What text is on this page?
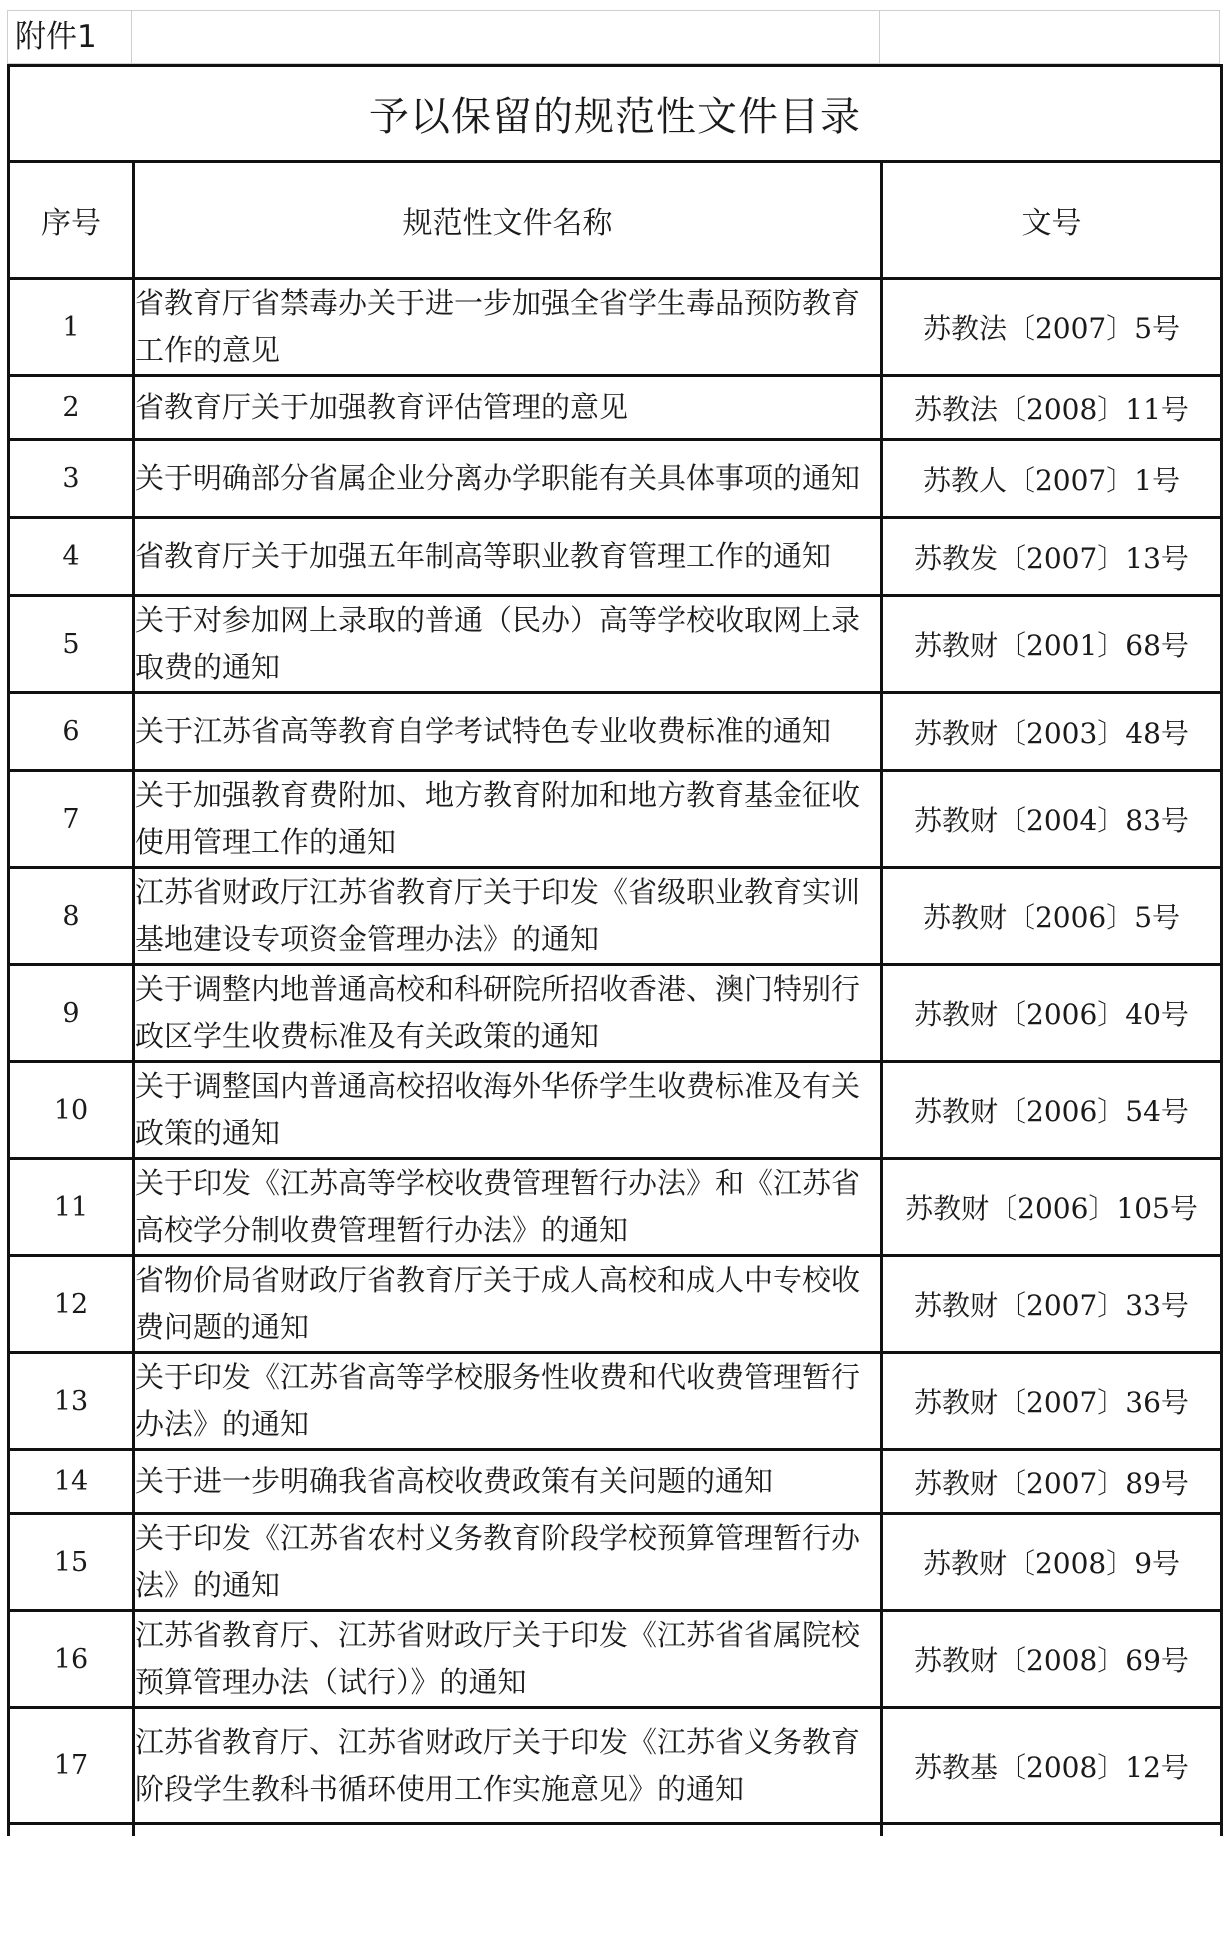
附件1
予以保留的规范性文件目录		
序号	规范性文件名称	文号
1	省教育厅省禁毒办关于进一步加强全省学生毒品预防教育工作的意见	苏教法〔2007〕5号
2	省教育厅关于加强教育评估管理的意见	苏教法〔2008〕11号
3	关于明确部分省属企业分离办学职能有关具体事项的通知	苏教人〔2007〕1号
4	省教育厅关于加强五年制高等职业教育管理工作的通知	苏教发〔2007〕13号
5	关于对参加网上录取的普通（民办）高等学校收取网上录取费的通知	苏教财〔2001〕68号
6	关于江苏省高等教育自学考试特色专业收费标准的通知	苏教财〔2003〕48号
7	关于加强教育费附加、地方教育附加和地方教育基金征收使用管理工作的通知	苏教财〔2004〕83号
8	江苏省财政厅江苏省教育厅关于印发《省级职业教育实训基地建设专项资金管理办法》的通知	苏教财〔2006〕5号
9	关于调整内地普通高校和科研院所招收香港、澳门特别行政区学生收费标准及有关政策的通知	苏教财〔2006〕40号
10	关于调整国内普通高校招收海外华侨学生收费标准及有关政策的通知	苏教财〔2006〕54号
11	关于印发《江苏高等学校收费管理暂行办法》和《江苏省高校学分制收费管理暂行办法》的通知	苏教财〔2006〕105号
12	省物价局省财政厅省教育厅关于成人高校和成人中专校收费问题的通知	苏教财〔2007〕33号
13	关于印发《江苏省高等学校服务性收费和代收费管理暂行办法》的通知	苏教财〔2007〕36号
14	关于进一步明确我省高校收费政策有关问题的通知	苏教财〔2007〕89号
15	关于印发《江苏省农村义务教育阶段学校预算管理暂行办法》的通知	苏教财〔2008〕9号
16	江苏省教育厅、江苏省财政厅关于印发《江苏省省属院校预算管理办法（试行）》的通知	苏教财〔2008〕69号
17	江苏省教育厅、江苏省财政厅关于印发《江苏省义务教育阶段学生教科书循环使用工作实施意见》的通知	苏教基〔2008〕12号
